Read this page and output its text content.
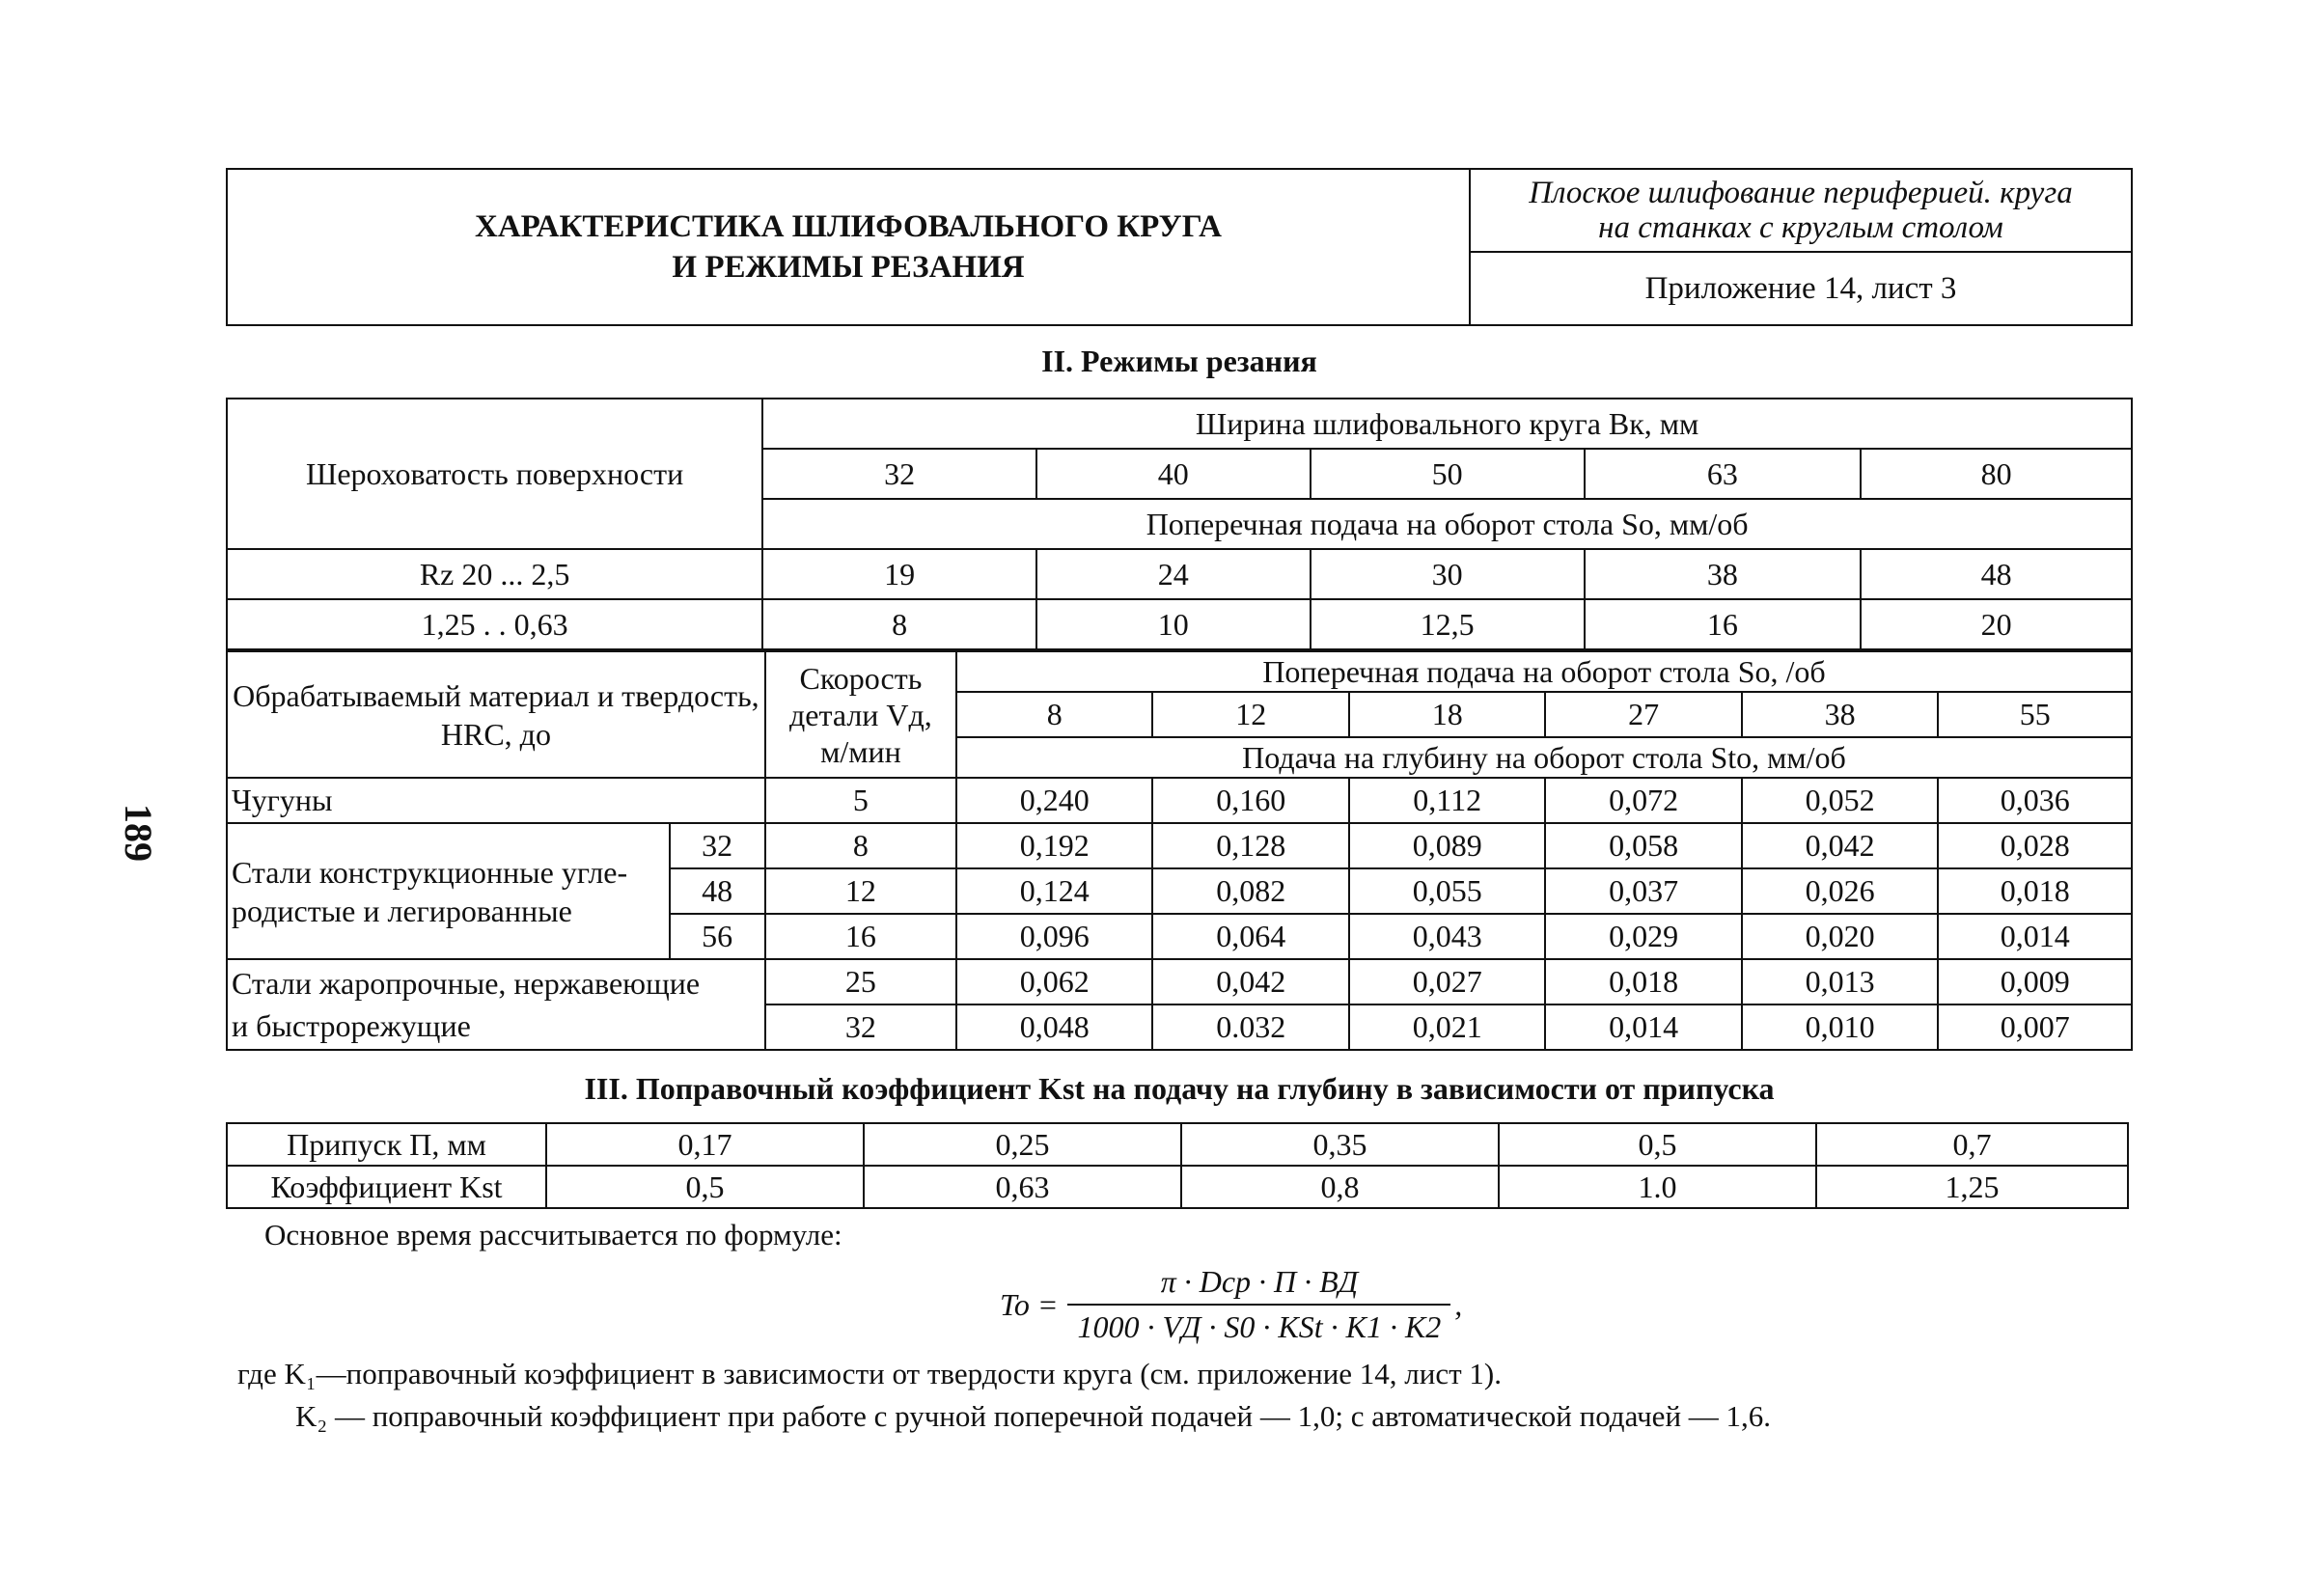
189
ХАРАКТЕРИСТИКА ШЛИФОВАЛЬНОГО КРУГА
И РЕЖИМЫ РЕЗАНИЯ

Плоское шлифование периферией. круга
на станках с круглым столом

Приложение 14, лист 3
II. Режимы резания
Шероховатость поверхности	Ширина шлифовального круга Bк, мм				
	32	40	50	63	80
	Поперечная подача на оборот стола So, мм/об				
Rz 20 ... 2,5	19	24	30	38	48
1,25 . . 0,63	8	10	12,5	16	20
Обрабатываемый материал и твердость, HRC, до		Скорость
детали Vд,
м/мин	Поперечная подача на оборот стола So, /об					
			8	12	18	27	38	55
			Подача на глубину на оборот стола Sto, мм/об					
Чугуны		5	0,240	0,160	0,112	0,072	0,052	0,036

Стали конструкционные угле-
родистые и легированные	32	8	0,192	0,128	0,089	0,058	0,042	0,028
	48	12	0,124	0,082	0,055	0,037	0,026	0,018
	56	16	0,096	0,064	0,043	0,029	0,020	0,014

Стали жаропрочные, нержавеющие
и быстрорежущие		25	0,062	0,042	0,027	0,018	0,013	0,009
		32	0,048	0.032	0,021	0,014	0,010	0,007
III. Поправочный коэффициент Kst на подачу на глубину в зависимости от припуска
Припуск П, мм	0,17	0,25	0,35	0,5	0,7
Коэффициент Kst	0,5	0,63	0,8	1.0	1,25
Основное время рассчитывается по формуле:
To =
π · Dср · П · BД
1000 · VД · S0 · KSt · K1 · K2
,
где K₁—поправочный коэффициент в зависимости от твердости круга (см. приложение 14, лист 1).
K₂ — поправочный коэффициент при работе с ручной поперечной подачей — 1,0; с автоматической подачей — 1,6.
